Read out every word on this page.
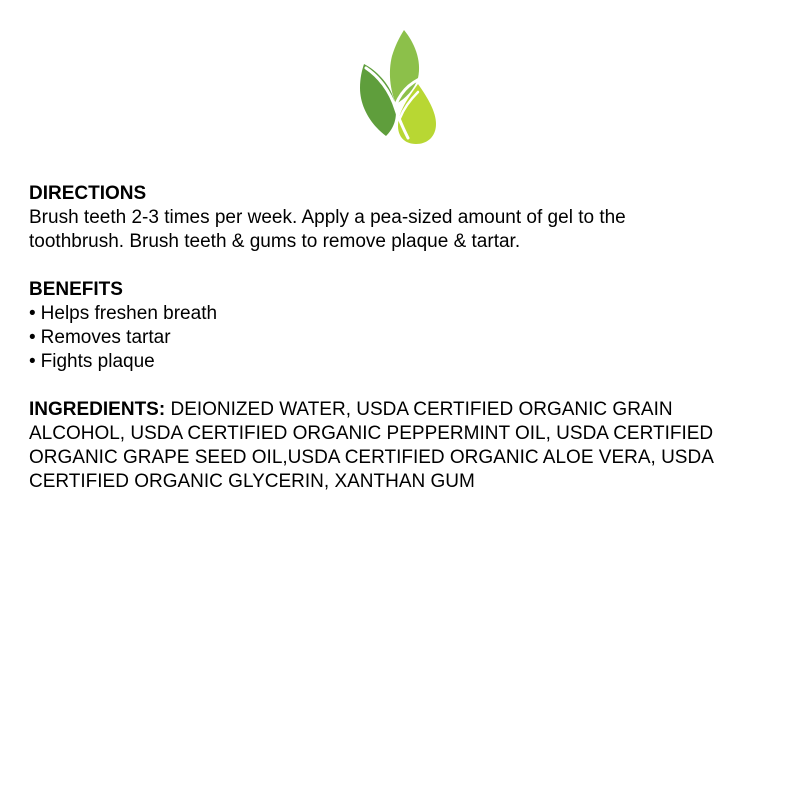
DIRECTIONS
Brush teeth 2-3 times per week. Apply a pea-sized amount of gel to the
toothbrush. Brush teeth & gums to remove plaque & tartar.
BENEFITS
• Helps freshen breath
• Removes tartar
• Fights plaque
INGREDIENTS: DEIONIZED WATER, USDA CERTIFIED ORGANIC GRAIN
ALCOHOL, USDA CERTIFIED ORGANIC PEPPERMINT OIL, USDA CERTIFIED
ORGANIC GRAPE SEED OIL,USDA CERTIFIED ORGANIC ALOE VERA, USDA
CERTIFIED ORGANIC GLYCERIN, XANTHAN GUM
